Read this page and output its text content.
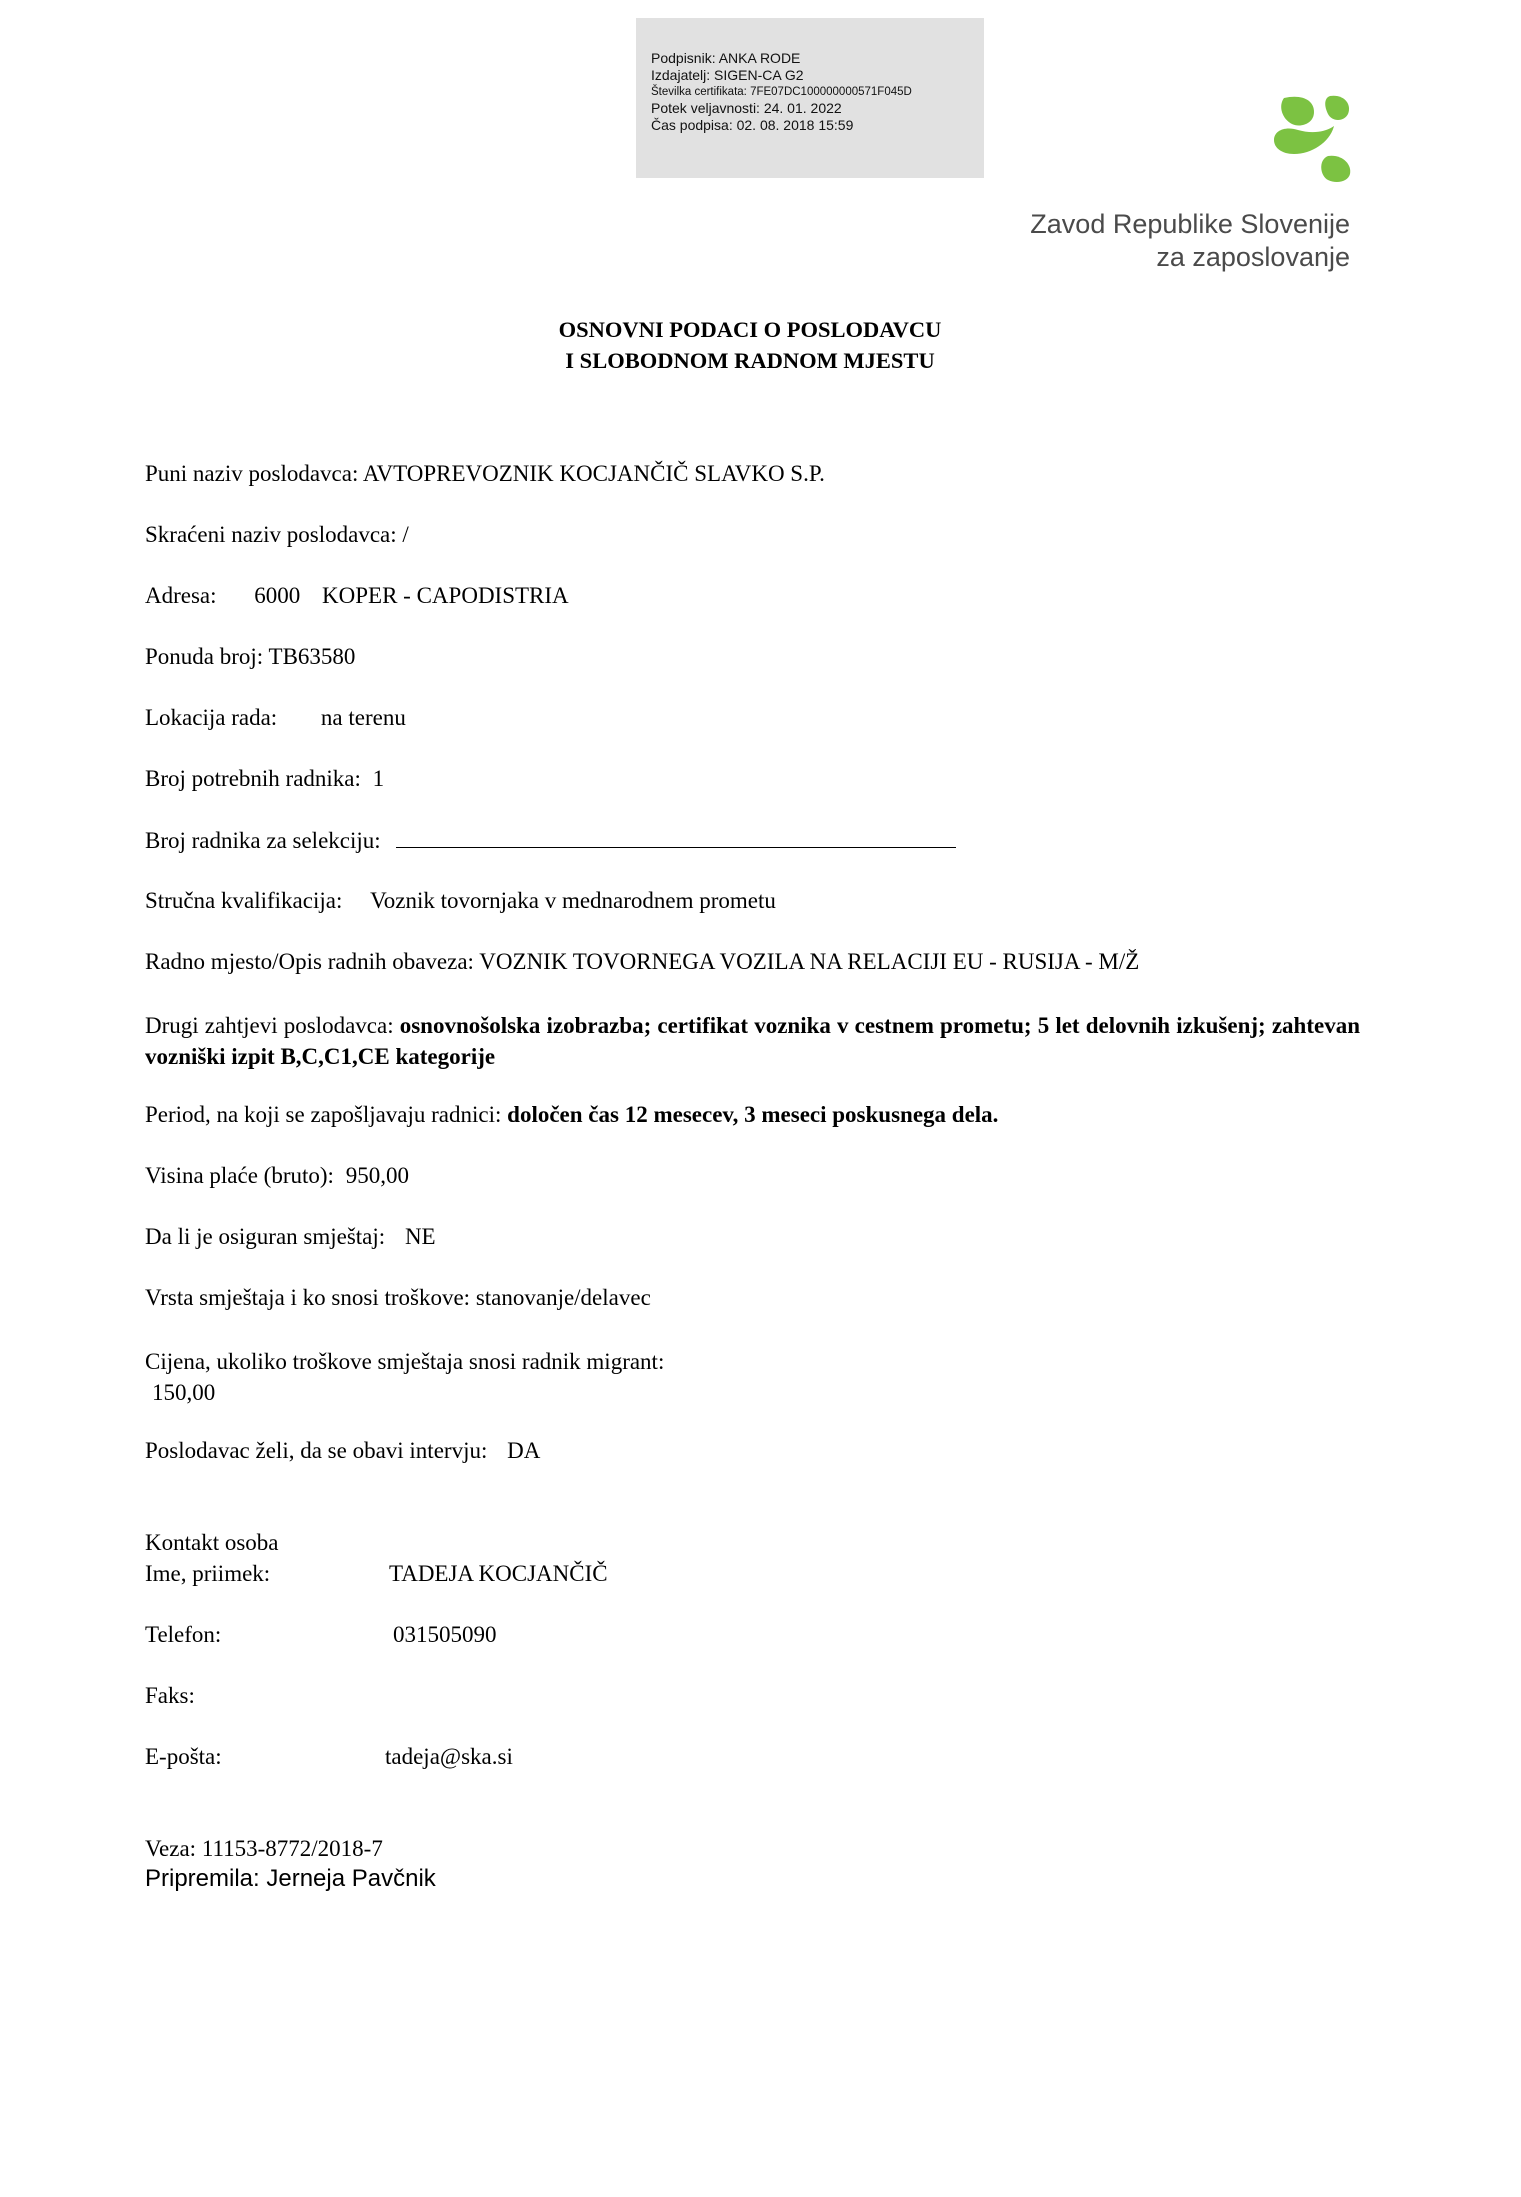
Podpisnik: ANKA RODE
Izdajatelj: SIGEN-CA G2
Številka certifikata: 7FE07DC100000000571F045D
Potek veljavnosti: 24. 01. 2022
Čas podpisa: 02. 08. 2018 15:59
Zavod Republike Slovenije
za zaposlovanje
OSNOVNI PODACI O POSLODAVCU
I SLOBODNOM RADNOM MJESTU
Puni naziv poslodavca: AVTOPREVOZNIK KOCJANČIČ SLAVKO S.P.
Skraćeni naziv poslodavca: /
Adresa: 6000 KOPER - CAPODISTRIA
Ponuda broj: TB63580
Lokacija rada: na terenu
Broj potrebnih radnika: 1
Broj radnika za selekciju:
Stručna kvalifikacija: Voznik tovornjaka v mednarodnem prometu
Radno mjesto/Opis radnih obaveza: VOZNIK TOVORNEGA VOZILA NA RELACIJI EU - RUSIJA - M/Ž
Drugi zahtjevi poslodavca: osnovnošolska izobrazba; certifikat voznika v cestnem prometu; 5 let delovnih izkušenj; zahtevan vozniški izpit B,C,C1,CE kategorije
Period, na koji se zapošljavaju radnici: določen čas 12 mesecev, 3 meseci poskusnega dela.
Visina plaće (bruto): 950,00
Da li je osiguran smještaj: NE
Vrsta smještaja i ko snosi troškove: stanovanje/delavec
Cijena, ukoliko troškove smještaja snosi radnik migrant:
150,00
Poslodavac želi, da se obavi intervju: DA
Kontakt osoba
Ime, priimek:	TADEJA KOCJANČIČ
Telefon:	031505090
Faks:
E-pošta:	tadeja@ska.si
Veza: 11153-8772/2018-7
Pripremila: Jerneja Pavčnik
